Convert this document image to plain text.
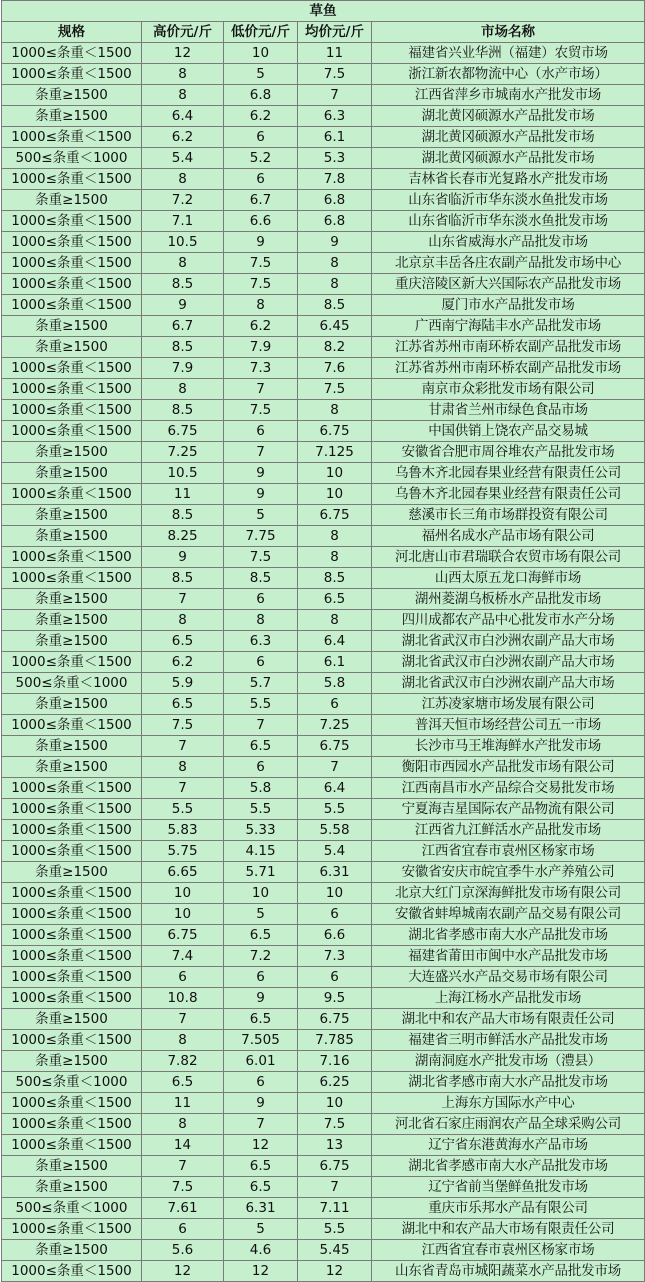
草鱼				
规格	高价元/斤	低价元/斤	均价元/斤	市场名称
1000≤条重＜1500	12	10	11	福建省兴业华洲（福建）农贸市场
1000≤条重＜1500	8	5	7.5	浙江新农都物流中心（水产市场）
条重≥1500	8	6.8	7	江西省萍乡市城南水产批发市场
条重≥1500	6.4	6.2	6.3	湖北黄冈硕源水产品批发市场
1000≤条重＜1500	6.2	6	6.1	湖北黄冈硕源水产品批发市场
500≤条重＜1000	5.4	5.2	5.3	湖北黄冈硕源水产品批发市场
1000≤条重＜1500	8	6	7.8	吉林省长春市光复路水产批发市场
条重≥1500	7.2	6.7	6.8	山东省临沂市华东淡水鱼批发市场
1000≤条重＜1500	7.1	6.6	6.8	山东省临沂市华东淡水鱼批发市场
1000≤条重＜1500	10.5	9	9	山东省威海水产品批发市场
1000≤条重＜1500	8	7.5	8	北京京丰岳各庄农副产品批发市场中心
1000≤条重＜1500	8.5	7.5	8	重庆涪陵区新大兴国际农产品批发市场
1000≤条重＜1500	9	8	8.5	厦门市水产品批发市场
条重≥1500	6.7	6.2	6.45	广西南宁海陆丰水产品批发市场
条重≥1500	8.5	7.9	8.2	江苏省苏州市南环桥农副产品批发市场
1000≤条重＜1500	7.9	7.3	7.6	江苏省苏州市南环桥农副产品批发市场
1000≤条重＜1500	8	7	7.5	南京市众彩批发市场有限公司
1000≤条重＜1500	8.5	7.5	8	甘肃省兰州市绿色食品市场
1000≤条重＜1500	6.75	6	6.75	中国供销上饶农产品交易城
条重≥1500	7.25	7	7.125	安徽省合肥市周谷堆农产品批发市场
条重≥1500	10.5	9	10	乌鲁木齐北园春果业经营有限责任公司
1000≤条重＜1500	11	9	10	乌鲁木齐北园春果业经营有限责任公司
条重≥1500	8.5	5	6.75	慈溪市长三角市场群投资有限公司
条重≥1500	8.25	7.75	8	福州名成水产品市场有限公司
1000≤条重＜1500	9	7.5	8	河北唐山市君瑞联合农贸市场有限公司
1000≤条重＜1500	8.5	8.5	8.5	山西太原五龙口海鲜市场
条重≥1500	7	6	6.5	湖州菱湖乌板桥水产品批发市场
条重≥1500	8	8	8	四川成都农产品中心批发市水产分场
条重≥1500	6.5	6.3	6.4	湖北省武汉市白沙洲农副产品大市场
1000≤条重＜1500	6.2	6	6.1	湖北省武汉市白沙洲农副产品大市场
500≤条重＜1000	5.9	5.7	5.8	湖北省武汉市白沙洲农副产品大市场
条重≥1500	6.5	5.5	6	江苏凌家塘市场发展有限公司
1000≤条重＜1500	7.5	7	7.25	普洱天恒市场经营公司五一市场
条重≥1500	7	6.5	6.75	长沙市马王堆海鲜水产批发市场
条重≥1500	8	6	7	衡阳市西园水产品批发市场有限公司
1000≤条重＜1500	7	5.8	6.4	江西南昌市水产品综合交易批发市场
1000≤条重＜1500	5.5	5.5	5.5	宁夏海吉星国际农产品物流有限公司
1000≤条重＜1500	5.83	5.33	5.58	江西省九江鲜活水产品批发市场
1000≤条重＜1500	5.75	4.15	5.4	江西省宜春市袁州区杨家市场
条重≥1500	6.65	5.71	6.31	安徽省安庆市皖宜季牛水产养殖公司
1000≤条重＜1500	10	10	10	北京大红门京深海鲜批发市场有限公司
1000≤条重＜1500	10	5	6	安徽省蚌埠城南农副产品交易有限公司
1000≤条重＜1500	6.75	6.5	6.6	湖北省孝感市南大水产品批发市场
1000≤条重＜1500	7.4	7.2	7.3	福建省莆田市闽中水产品批发市场
1000≤条重＜1500	6	6	6	大连盛兴水产品交易市场有限公司
1000≤条重＜1500	10.8	9	9.5	上海江杨水产品批发市场
条重≥1500	7	6.5	6.75	湖北中和农产品大市场有限责任公司
1000≤条重＜1500	8	7.505	7.785	福建省三明市鲜活水产品批发市场
条重≥1500	7.82	6.01	7.16	湖南洞庭水产批发市场（澧县）
500≤条重＜1000	6.5	6	6.25	湖北省孝感市南大水产品批发市场
1000≤条重＜1500	11	9	10	上海东方国际水产中心
1000≤条重＜1500	8	7	7.5	河北省石家庄雨润农产品全球采购公司
1000≤条重＜1500	14	12	13	辽宁省东港黄海水产品市场
条重≥1500	7	6.5	6.75	湖北省孝感市南大水产品批发市场
条重≥1500	7.5	6.5	7	辽宁省前当堡鲜鱼批发市场
500≤条重＜1000	7.61	6.31	7.11	重庆市乐邦水产品有限公司
1000≤条重＜1500	6	5	5.5	湖北中和农产品大市场有限责任公司
条重≥1500	5.6	4.6	5.45	江西省宜春市袁州区杨家市场
1000≤条重＜1500	12	12	12	山东省青岛市城阳蔬菜水产品批发市场
